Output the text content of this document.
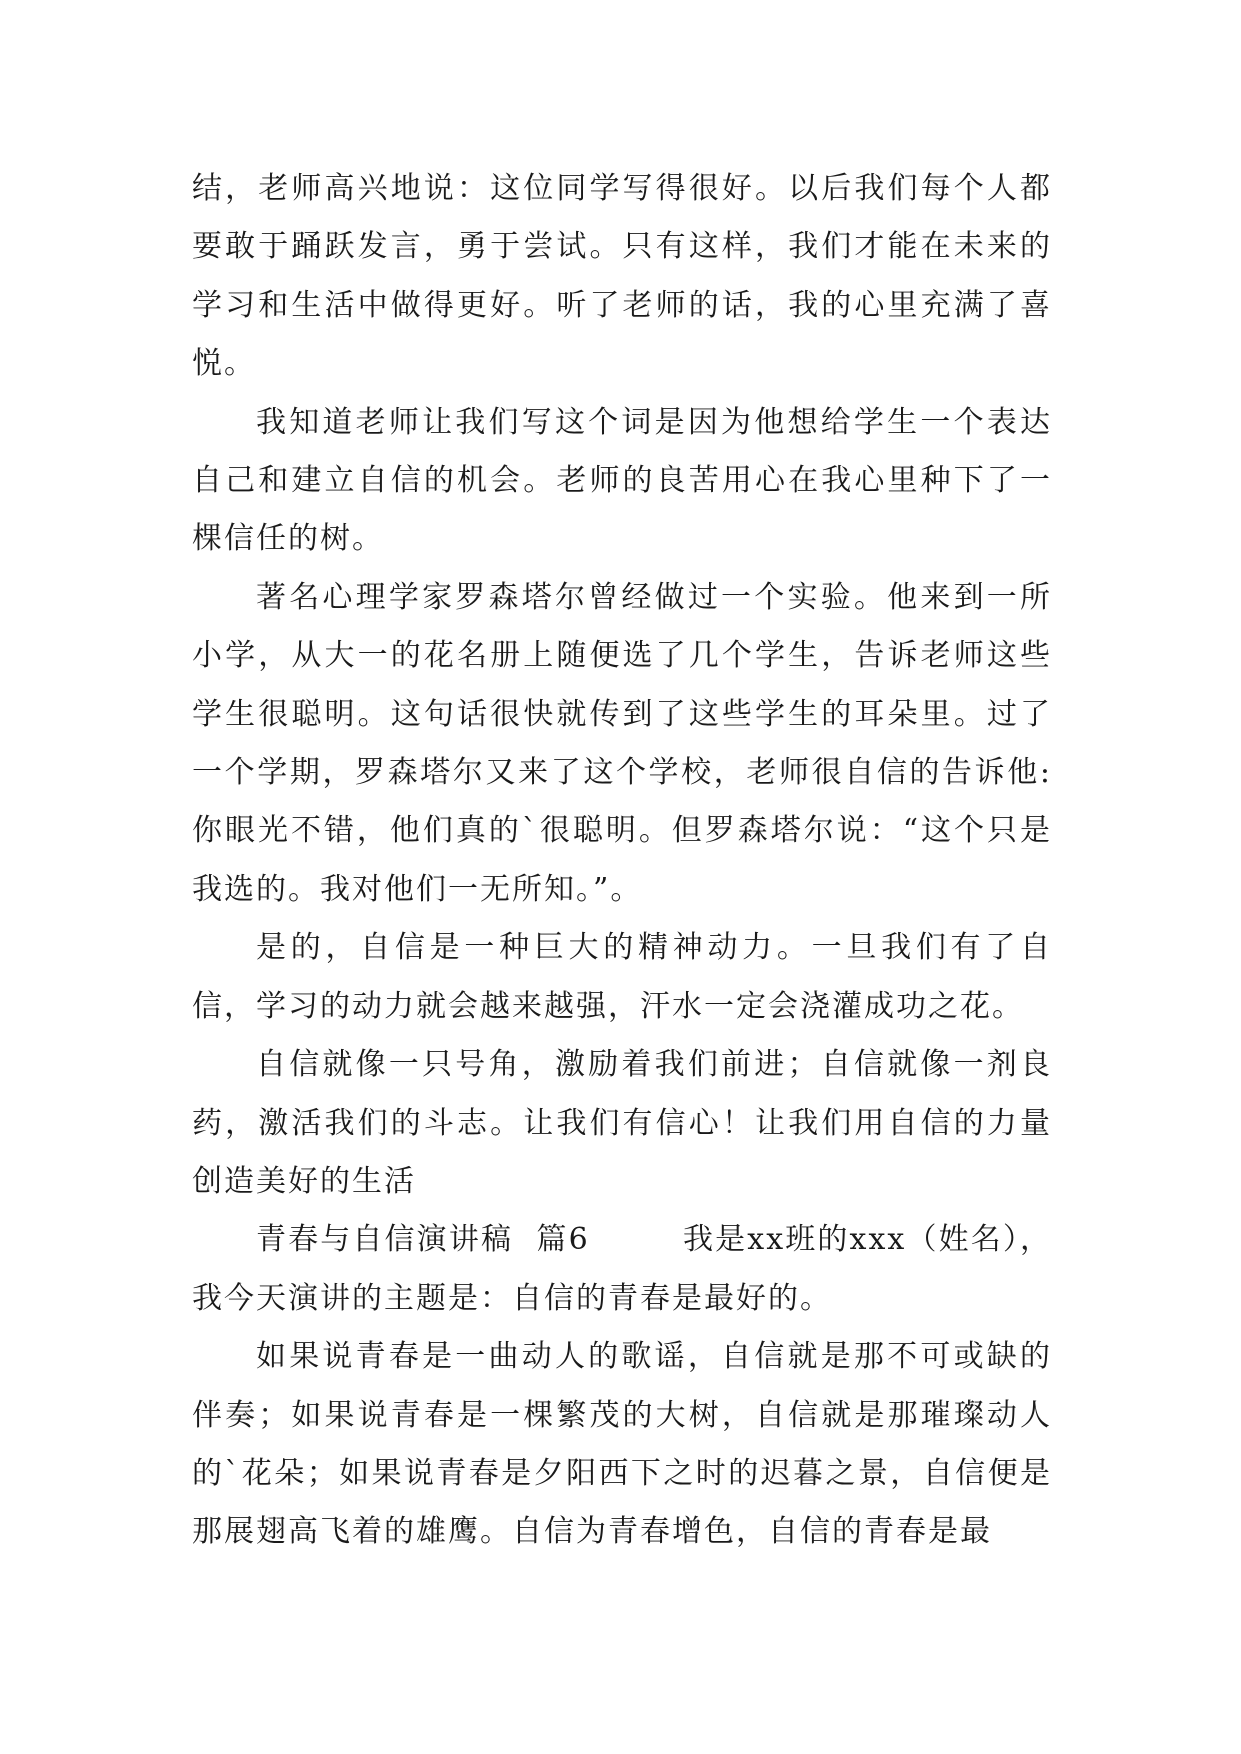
结，老师高兴地说：这位同学写得很好。以后我们每个人都要敢于踊跃发言，勇于尝试。只有这样，我们才能在未来的学习和生活中做得更好。听了老师的话，我的心里充满了喜悦。

我知道老师让我们写这个词是因为他想给学生一个表达自己和建立自信的机会。老师的良苦用心在我心里种下了一棵信任的树。

著名心理学家罗森塔尔曾经做过一个实验。他来到一所小学，从大一的花名册上随便选了几个学生，告诉老师这些学生很聪明。这句话很快就传到了这些学生的耳朵里。过了一个学期，罗森塔尔又来了这个学校，老师很自信的告诉他:你眼光不错，他们真的`很聪明。但罗森塔尔说：“这个只是我选的。我对他们一无所知。”。

是的，自信是一种巨大的精神动力。一旦我们有了自信，学习的动力就会越来越强，汗水一定会浇灌成功之花。

自信就像一只号角，激励着我们前进；自信就像一剂良药，激活我们的斗志。让我们有信心！让我们用自信的力量创造美好的生活

青春与自信演讲稿  篇6        我是xx班的xxx（姓名），我今天演讲的主题是：自信的青春是最好的。

如果说青春是一曲动人的歌谣，自信就是那不可或缺的伴奏；如果说青春是一棵繁茂的大树，自信就是那璀璨动人的`花朵；如果说青春是夕阳西下之时的迟暮之景，自信便是那展翅高飞着的雄鹰。自信为青春增色，自信的青春是最
